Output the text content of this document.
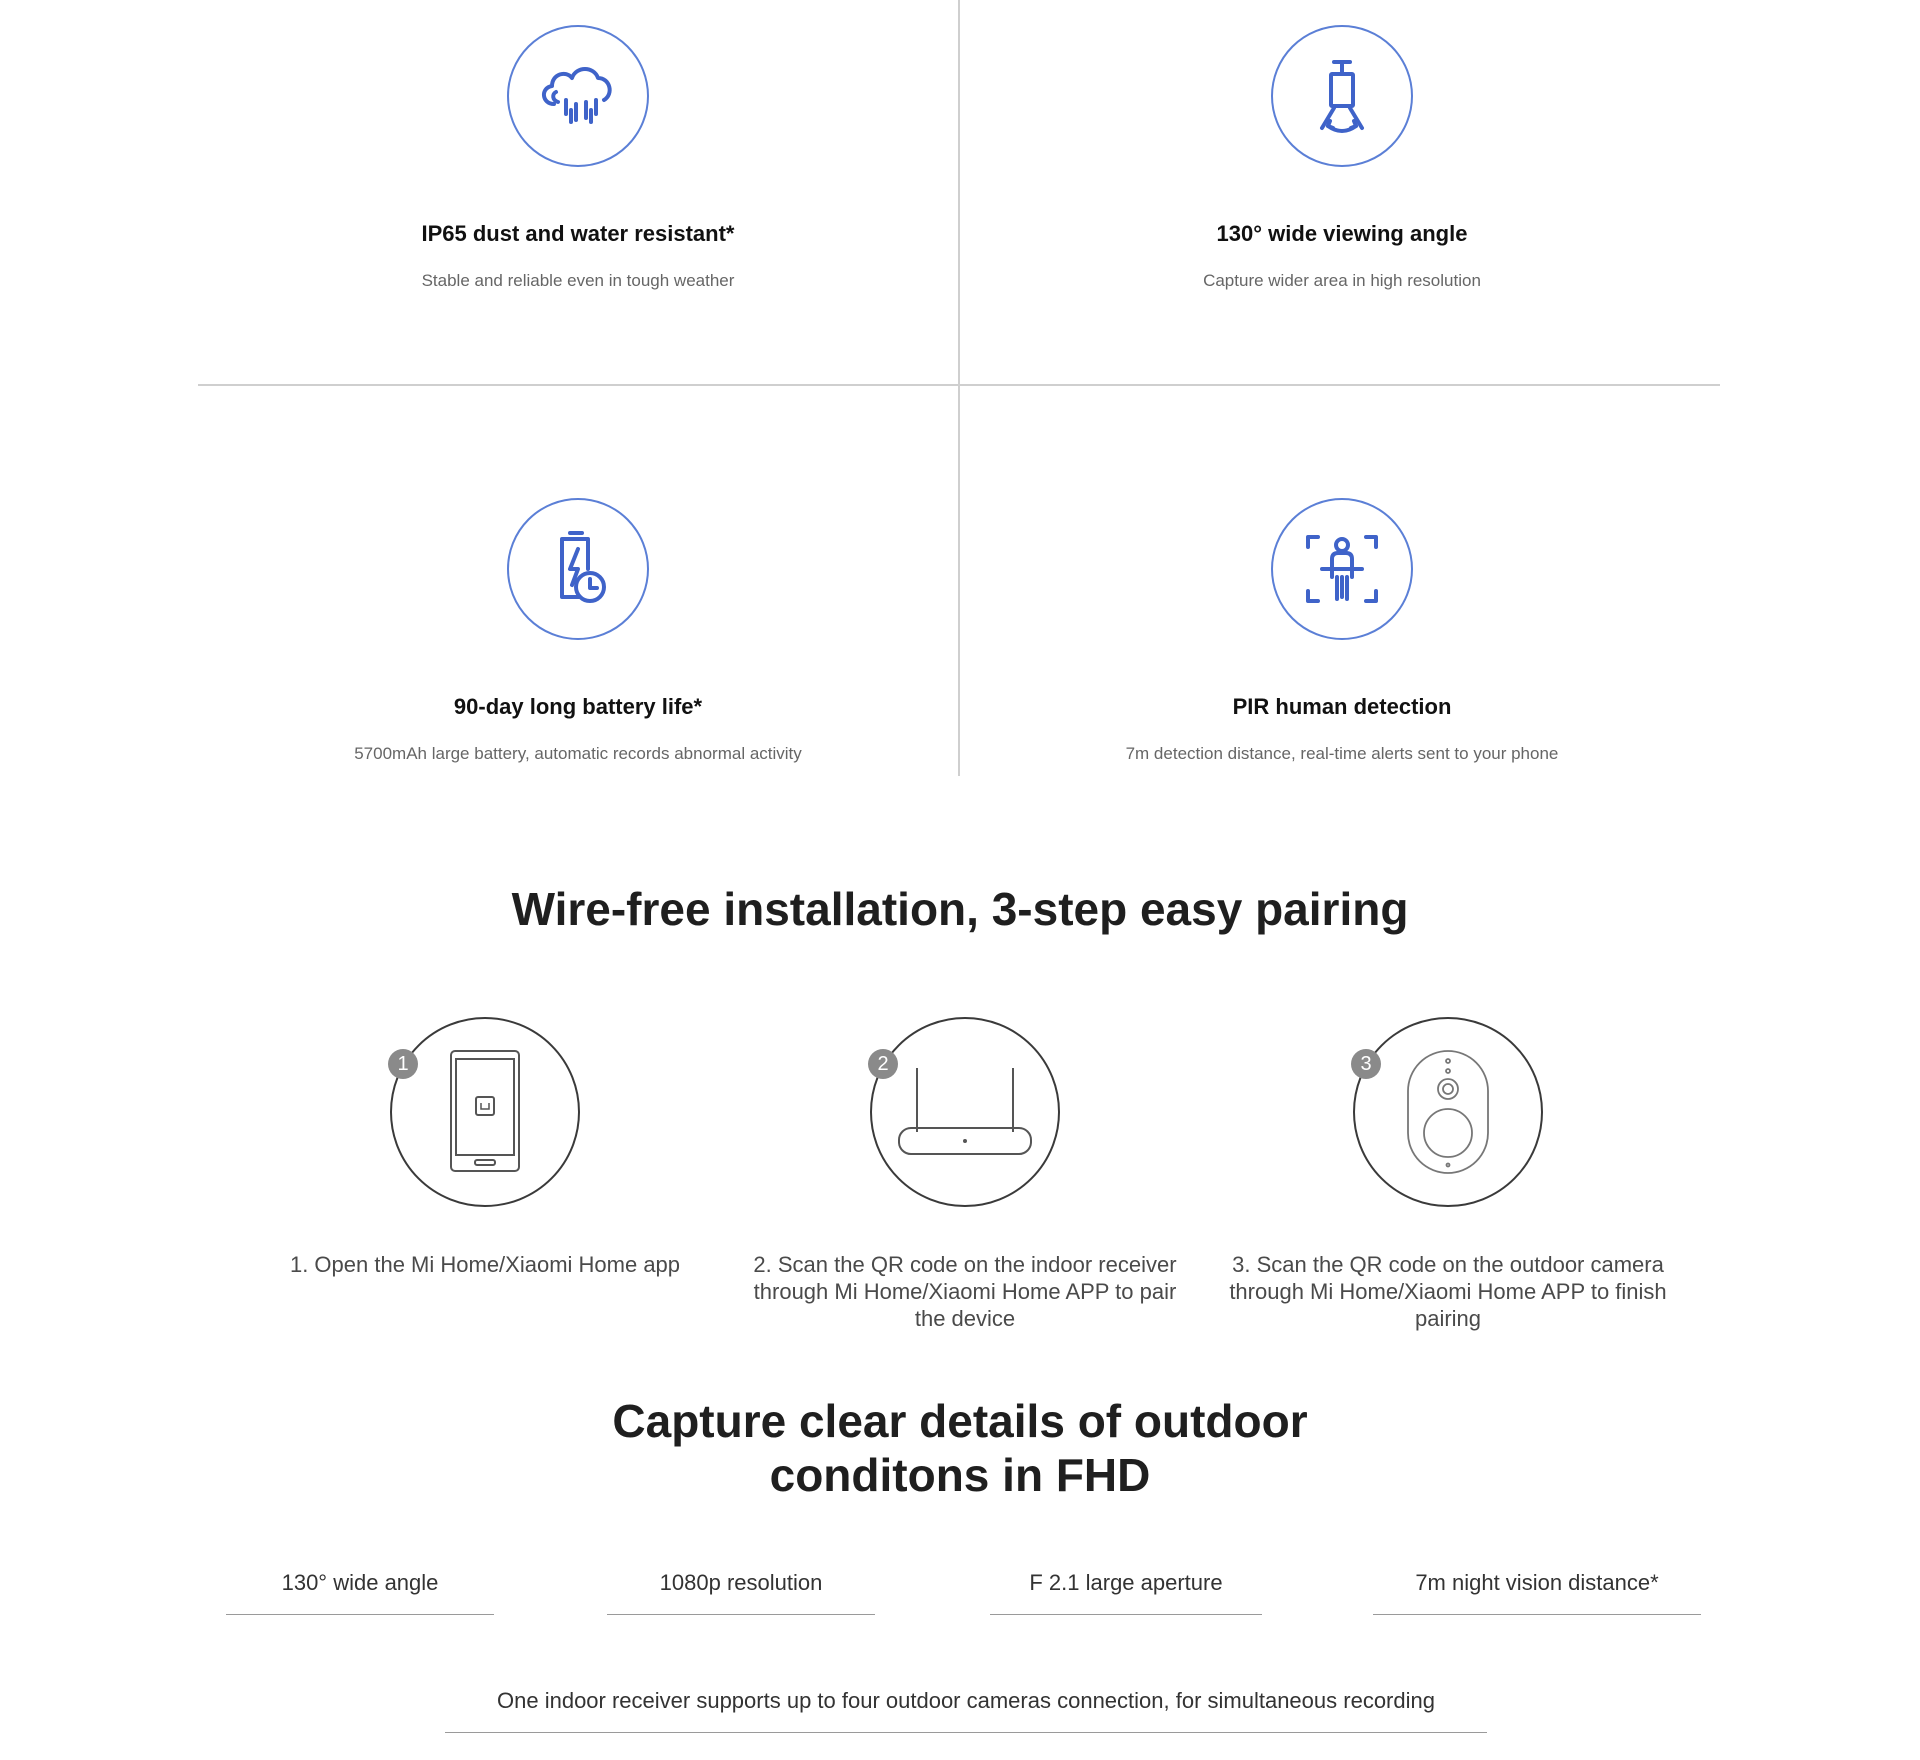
IP65 dust and water resistant*
Stable and reliable even in tough weather
130° wide viewing angle
Capture wider area in high resolution
90-day long battery life*
5700mAh large battery, automatic records abnormal activity
PIR human detection
7m detection distance, real-time alerts sent to your phone
Wire-free installation, 3-step easy pairing
1
1. Open the Mi Home/Xiaomi Home app
2
2. Scan the QR code on the indoor receiver through Mi Home/Xiaomi Home APP to pair the device
3
3. Scan the QR code on the outdoor camera through Mi Home/Xiaomi Home APP to finish pairing
Capture clear details of outdoor
conditons in FHD
130° wide angle	1080p resolution	F 2.1 large aperture	7m night vision distance*
One indoor receiver supports up to four outdoor cameras connection, for simultaneous recording
